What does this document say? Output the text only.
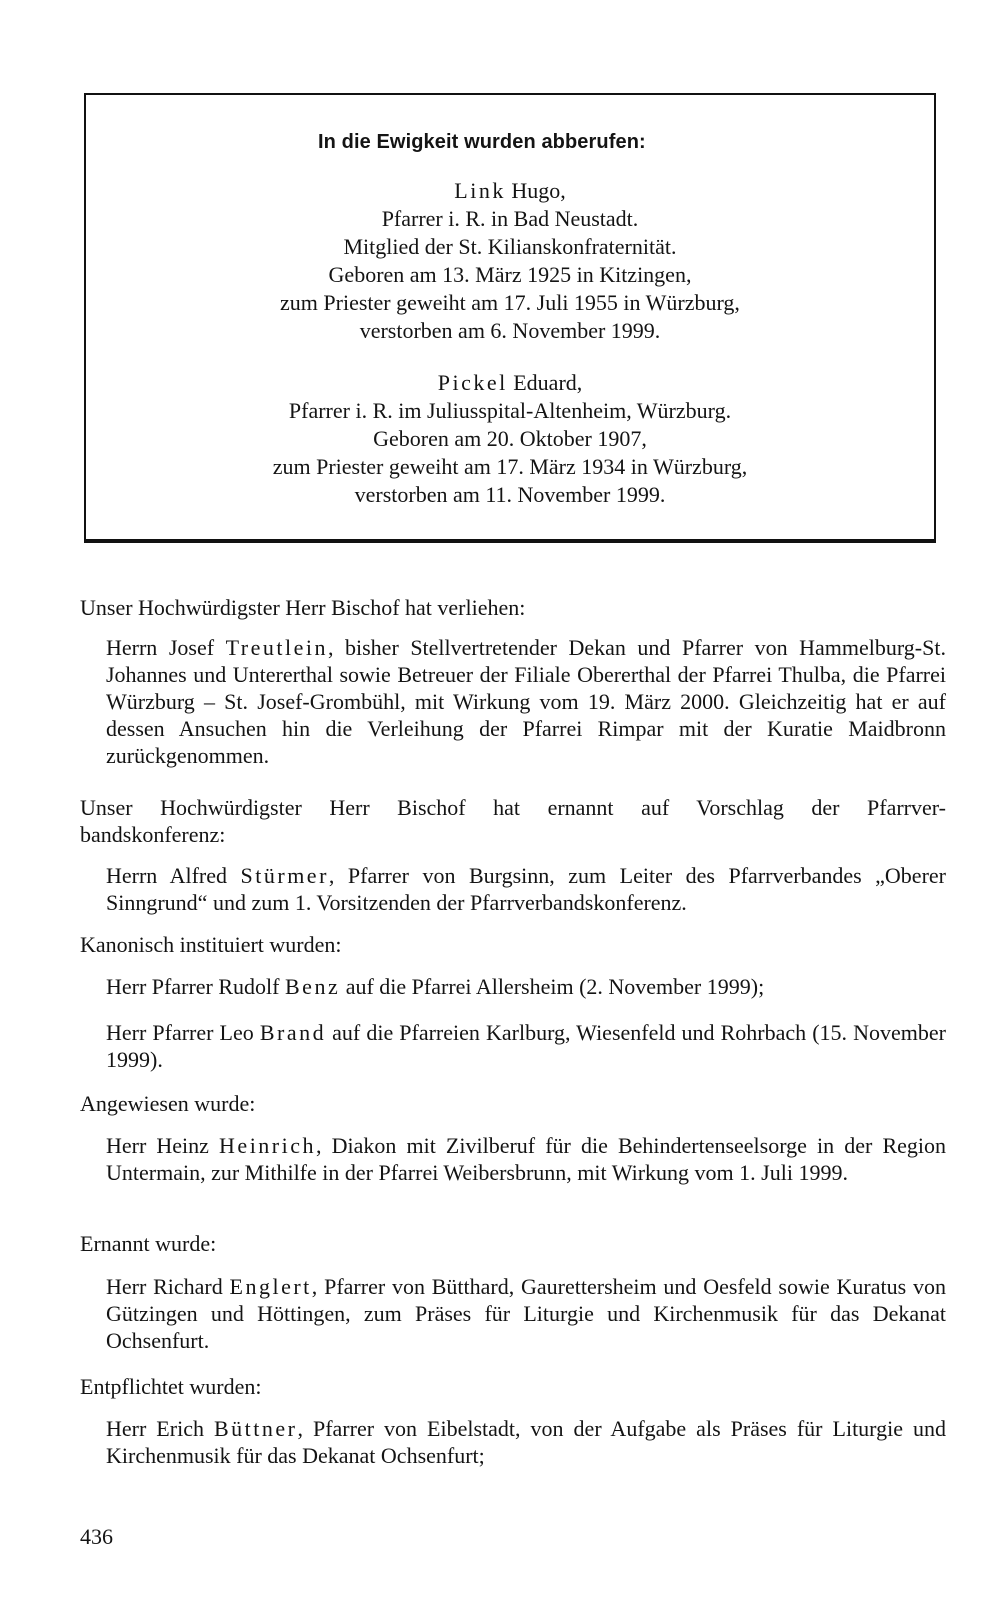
In die Ewigkeit wurden abberufen:
Link Hugo,
Pfarrer i. R. in Bad Neustadt.
Mitglied der St. Kilianskonfraternität.
Geboren am 13. März 1925 in Kitzingen,
zum Priester geweiht am 17. Juli 1955 in Würzburg,
verstorben am 6. November 1999.
Pickel Eduard,
Pfarrer i. R. im Juliusspital-Altenheim, Würzburg.
Geboren am 20. Oktober 1907,
zum Priester geweiht am 17. März 1934 in Würzburg,
verstorben am 11. November 1999.
Unser Hochwürdigster Herr Bischof hat verliehen:
Herrn Josef Treutlein, bisher Stellvertretender Dekan und Pfarrer von Hammelburg-St. Johannes und Untererthal sowie Betreuer der Filiale Obererthal der Pfarrei Thulba, die Pfarrei Würzburg – St. Josef-Grombühl, mit Wirkung vom 19. März 2000. Gleichzeitig hat er auf dessen Ansuchen hin die Verleihung der Pfarrei Rimpar mit der Kuratie Maidbronn zurückgenommen.
Unser Hochwürdigster Herr Bischof hat ernannt auf Vorschlag der Pfarrver-
bandskonferenz:
Herrn Alfred Stürmer, Pfarrer von Burgsinn, zum Leiter des Pfarrverbandes „Oberer Sinngrund“ und zum 1. Vorsitzenden der Pfarrverbandskonferenz.
Kanonisch instituiert wurden:
Herr Pfarrer Rudolf Benz auf die Pfarrei Allersheim (2. November 1999);
Herr Pfarrer Leo Brand auf die Pfarreien Karlburg, Wiesenfeld und Rohrbach (15. November 1999).
Angewiesen wurde:
Herr Heinz Heinrich, Diakon mit Zivilberuf für die Behindertenseelsorge in der Region Untermain, zur Mithilfe in der Pfarrei Weibersbrunn, mit Wirkung vom 1. Juli 1999.
Ernannt wurde:
Herr Richard Englert, Pfarrer von Bütthard, Gaurettersheim und Oesfeld sowie Kuratus von Gützingen und Höttingen, zum Präses für Liturgie und Kirchenmusik für das Dekanat Ochsenfurt.
Entpflichtet wurden:
Herr Erich Büttner, Pfarrer von Eibelstadt, von der Aufgabe als Präses für Liturgie und Kirchenmusik für das Dekanat Ochsenfurt;
436
